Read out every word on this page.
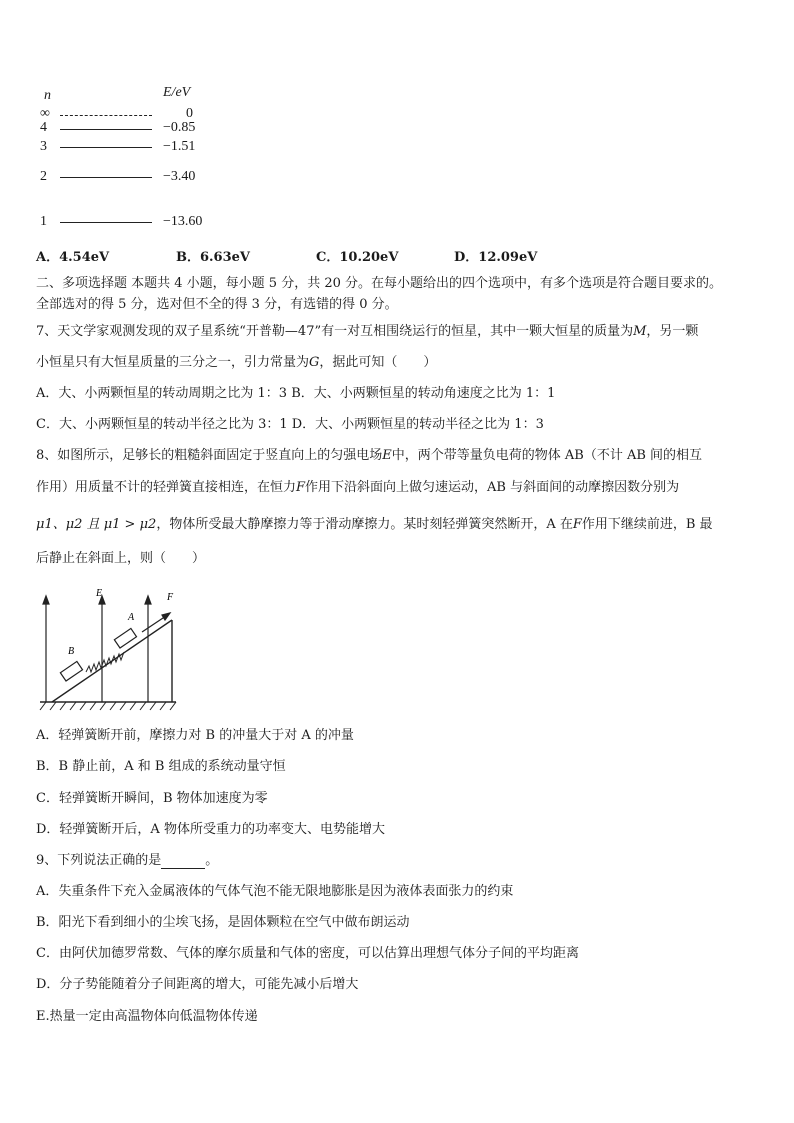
n	E/eV
∞	0
4	−0.85
3	−1.51
2	−3.40
1	−13.60
A．4.54eV	B．6.63eV	C．10.20eV	D．12.09eV
二、多项选择题 本题共 4 小题，每小题 5 分，共 20 分。在每小题给出的四个选项中，有多个选项是符合题目要求的。
全部选对的得 5 分，选对但不全的得 3 分，有选错的得 0 分。
7、天文学家观测发现的双子星系统“开普勒—47”有一对互相围绕运行的恒星，其中一颗大恒星的质量为M，另一颗
小恒星只有大恒星质量的三分之一，引力常量为G，据此可知（　　）
A．大、小两颗恒星的转动周期之比为 1：3 B．大、小两颗恒星的转动角速度之比为 1：1
C．大、小两颗恒星的转动半径之比为 3：1 D．大、小两颗恒星的转动半径之比为 1：3
8、如图所示，足够长的粗糙斜面固定于竖直向上的匀强电场E中，两个带等量负电荷的物体 AB（不计 AB 间的相互
作用）用质量不计的轻弹簧直接相连，在恒力F作用下沿斜面向上做匀速运动，AB 与斜面间的动摩擦因数分别为
μ1、μ2 且 μ1 > μ2，物体所受最大静摩擦力等于滑动摩擦力。某时刻轻弹簧突然断开，A 在F作用下继续前进，B 最
后静止在斜面上，则（　　）
E	F
A
B
A．轻弹簧断开前，摩擦力对 B 的冲量大于对 A 的冲量
B．B 静止前，A 和 B 组成的系统动量守恒
C．轻弹簧断开瞬间，B 物体加速度为零
D．轻弹簧断开后，A 物体所受重力的功率变大、电势能增大
9、下列说法正确的是	。
A．失重条件下充入金属液体的气体气泡不能无限地膨胀是因为液体表面张力的约束
B．阳光下看到细小的尘埃飞扬，是固体颗粒在空气中做布朗运动
C．由阿伏加德罗常数、气体的摩尔质量和气体的密度，可以估算出理想气体分子间的平均距离
D．分子势能随着分子间距离的增大，可能先减小后增大
E.热量一定由高温物体向低温物体传递
